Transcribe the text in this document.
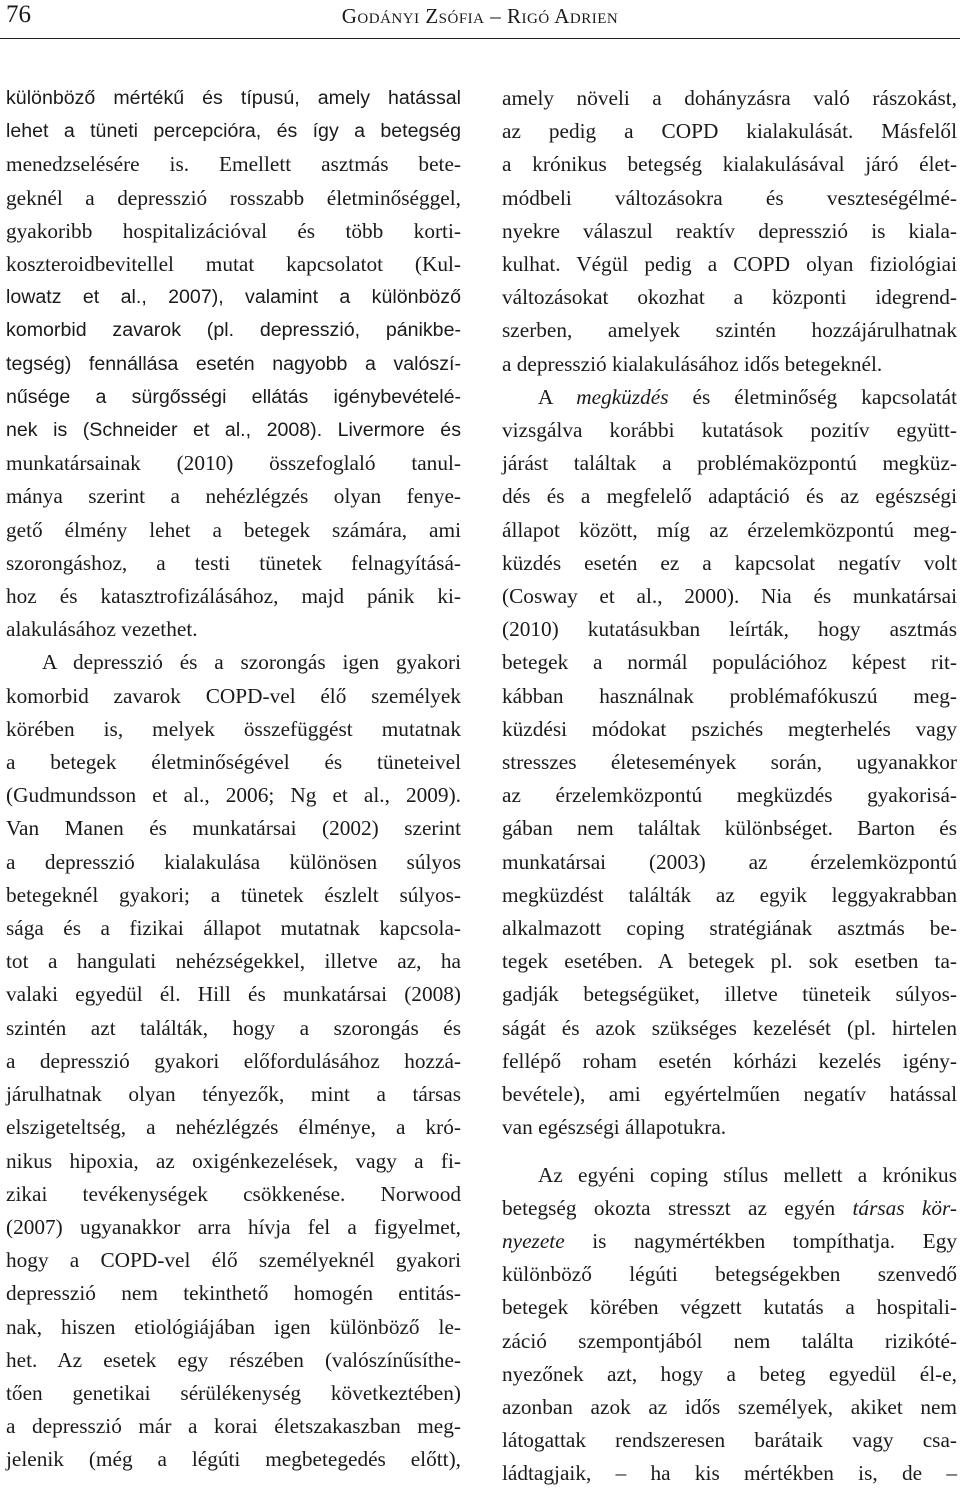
76	Godányi Zsófia – Rigó Adrien

különböző mértékű és típusú, amely hatással

lehet a tüneti percepcióra, és így a betegség

menedzselésére is. Emellett asztmás bete-

geknél a depresszió rosszabb életminőséggel,

gyakoribb hospitalizációval és több korti-

koszteroidbevitellel mutat kapcsolatot (Kul-

lowatz et al., 2007), valamint a különböző

komorbid zavarok (pl. depresszió, pánikbe-

tegség) fennállása esetén nagyobb a valószí-

nűsége a sürgősségi ellátás igénybevételé-

nek is (Schneider et al., 2008). Livermore és

munkatársainak (2010) összefoglaló tanul-

mánya szerint a nehézlégzés olyan fenye-

gető élmény lehet a betegek számára, ami

szorongáshoz, a testi tünetek felnagyításá-

hoz és katasztrofizálásához, majd pánik ki-

alakulásához vezethet.

A depresszió és a szorongás igen gyakori

komorbid zavarok COPD-vel élő személyek

körében is, melyek összefüggést mutatnak

a betegek életminőségével és tüneteivel

(Gudmundsson et al., 2006; Ng et al., 2009).

Van Manen és munkatársai (2002) szerint

a depresszió kialakulása különösen súlyos

betegeknél gyakori; a tünetek észlelt súlyos-

sága és a fizikai állapot mutatnak kapcsola-

tot a hangulati nehézségekkel, illetve az, ha

valaki egyedül él. Hill és munkatársai (2008)

szintén azt találták, hogy a szorongás és

a depresszió gyakori előfordulásához hozzá-

járulhatnak olyan tényezők, mint a társas

elszigeteltség, a nehézlégzés élménye, a kró-

nikus hipoxia, az oxigénkezelések, vagy a fi-

zikai tevékenységek csökkenése. Norwood

(2007) ugyanakkor arra hívja fel a figyelmet,

hogy a COPD-vel élő személyeknél gyakori

depresszió nem tekinthető homogén entitás-

nak, hiszen etiológiájában igen különböző le-

het. Az esetek egy részében (valószínűsíthe-

tően genetikai sérülékenység következtében)

a depresszió már a korai életszakaszban meg-

jelenik (még a légúti megbetegedés előtt),

amely növeli a dohányzásra való rászokást,

az pedig a COPD kialakulását. Másfelől

a krónikus betegség kialakulásával járó élet-

módbeli változásokra és veszteségélmé-

nyekre válaszul reaktív depresszió is kiala-

kulhat. Végül pedig a COPD olyan fiziológiai

változásokat okozhat a központi idegrend-

szerben, amelyek szintén hozzájárulhatnak

a depresszió kialakulásához idős betegeknél.

A megküzdés és életminőség kapcsolatát

vizsgálva korábbi kutatások pozitív együtt-

járást találtak a problémaközpontú megküz-

dés és a megfelelő adaptáció és az egészségi

állapot között, míg az érzelemközpontú meg-

küzdés esetén ez a kapcsolat negatív volt

(Cosway et al., 2000). Nia és munkatársai

(2010) kutatásukban leírták, hogy asztmás

betegek a normál populációhoz képest rit-

kábban használnak problémafókuszú meg-

küzdési módokat pszichés megterhelés vagy

stresszes életesemények során, ugyanakkor

az érzelemközpontú megküzdés gyakorisá-

gában nem találtak különbséget. Barton és

munkatársai (2003) az érzelemközpontú

megküzdést találták az egyik leggyakrabban

alkalmazott coping stratégiának asztmás be-

tegek esetében. A betegek pl. sok esetben ta-

gadják betegségüket, illetve tüneteik súlyos-

ságát és azok szükséges kezelését (pl. hirtelen

fellépő roham esetén kórházi kezelés igény-

bevétele), ami egyértelműen negatív hatással

van egészségi állapotukra.

Az egyéni coping stílus mellett a krónikus

betegség okozta stresszt az egyén társas kör-

nyezete is nagymértékben tompíthatja. Egy

különböző légúti betegségekben szenvedő

betegek körében végzett kutatás a hospitali-

záció szempontjából nem találta rizikóté-

nyezőnek azt, hogy a beteg egyedül él-e,

azonban azok az idős személyek, akiket nem

látogattak rendszeresen barátaik vagy csa-

ládtagjaik, – ha kis mértékben is, de –
